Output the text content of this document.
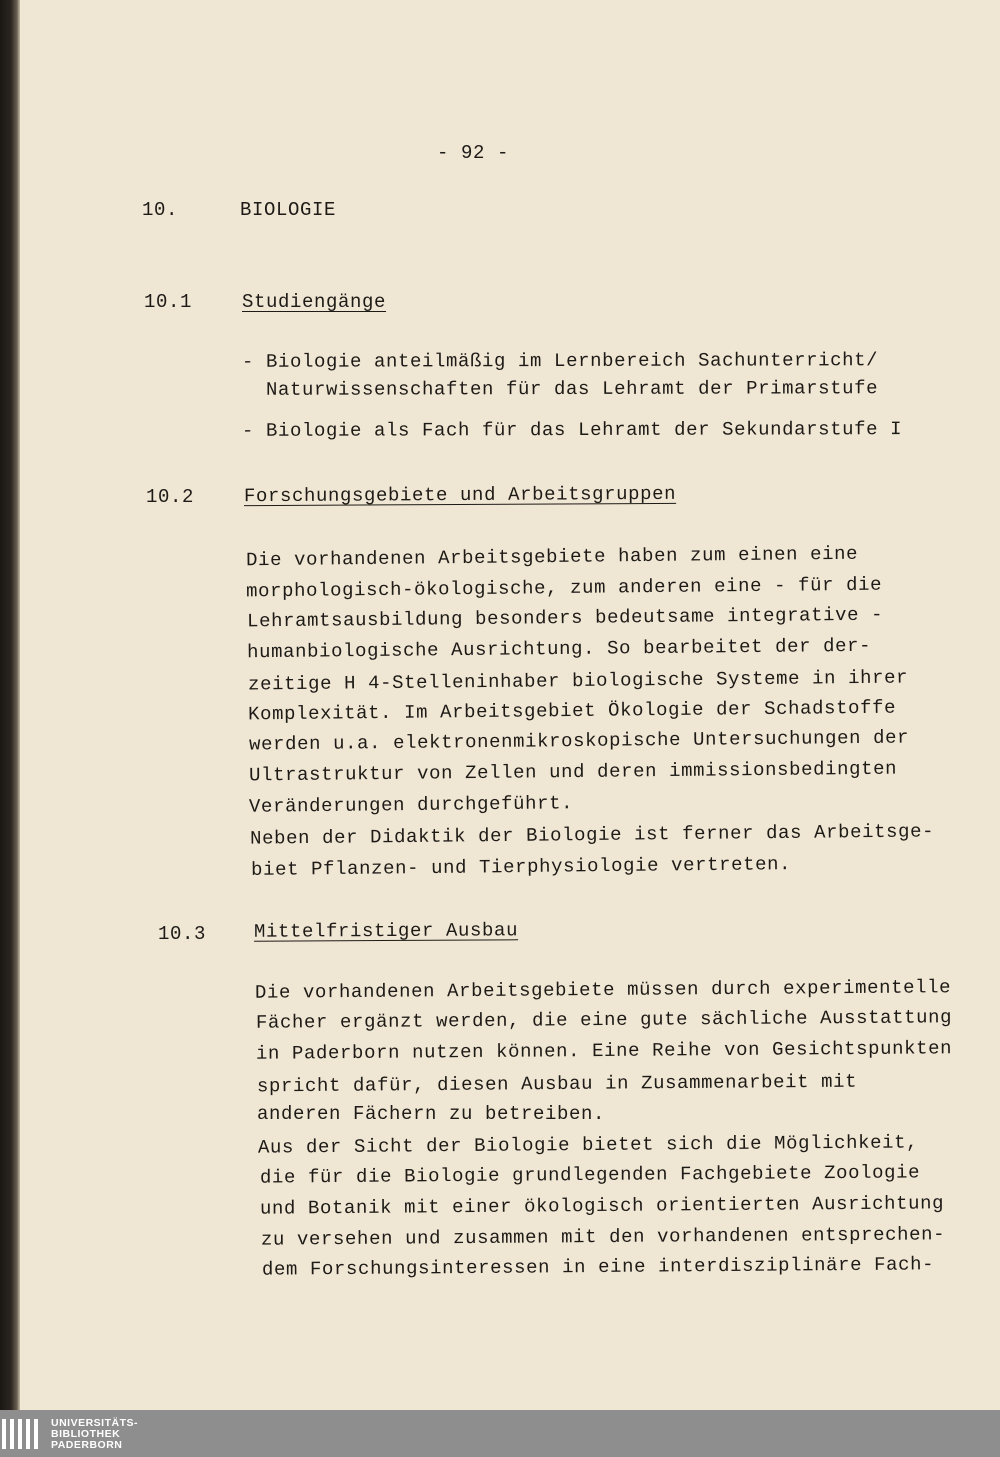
- 92 -
10.	BIOLOGIE
10.1	Studiengänge
- Biologie anteilmäßig im Lernbereich Sachunterricht/
Naturwissenschaften für das Lehramt der Primarstufe
- Biologie als Fach für das Lehramt der Sekundarstufe I
10.2	Forschungsgebiete und Arbeitsgruppen
Die vorhandenen Arbeitsgebiete haben zum einen eine
morphologisch-ökologische, zum anderen eine - für die
Lehramtsausbildung besonders bedeutsame integrative -
humanbiologische Ausrichtung. So bearbeitet der der-
zeitige H 4-Stelleninhaber biologische Systeme in ihrer
Komplexität. Im Arbeitsgebiet Ökologie der Schadstoffe
werden u.a. elektronenmikroskopische Untersuchungen der
Ultrastruktur von Zellen und deren immissionsbedingten
Veränderungen durchgeführt.
Neben der Didaktik der Biologie ist ferner das Arbeitsge-
biet Pflanzen- und Tierphysiologie vertreten.
10.3	Mittelfristiger Ausbau
Die vorhandenen Arbeitsgebiete müssen durch experimentelle
Fächer ergänzt werden, die eine gute sächliche Ausstattung
in Paderborn nutzen können. Eine Reihe von Gesichtspunkten
spricht dafür, diesen Ausbau in Zusammenarbeit mit
anderen Fächern zu betreiben.
Aus der Sicht der Biologie bietet sich die Möglichkeit,
die für die Biologie grundlegenden Fachgebiete Zoologie
und Botanik mit einer ökologisch orientierten Ausrichtung
zu versehen und zusammen mit den vorhandenen entsprechen-
dem Forschungsinteressen in eine interdisziplinäre Fach-
UNIVERSITÄTS-
BIBLIOTHEK
PADERBORN
